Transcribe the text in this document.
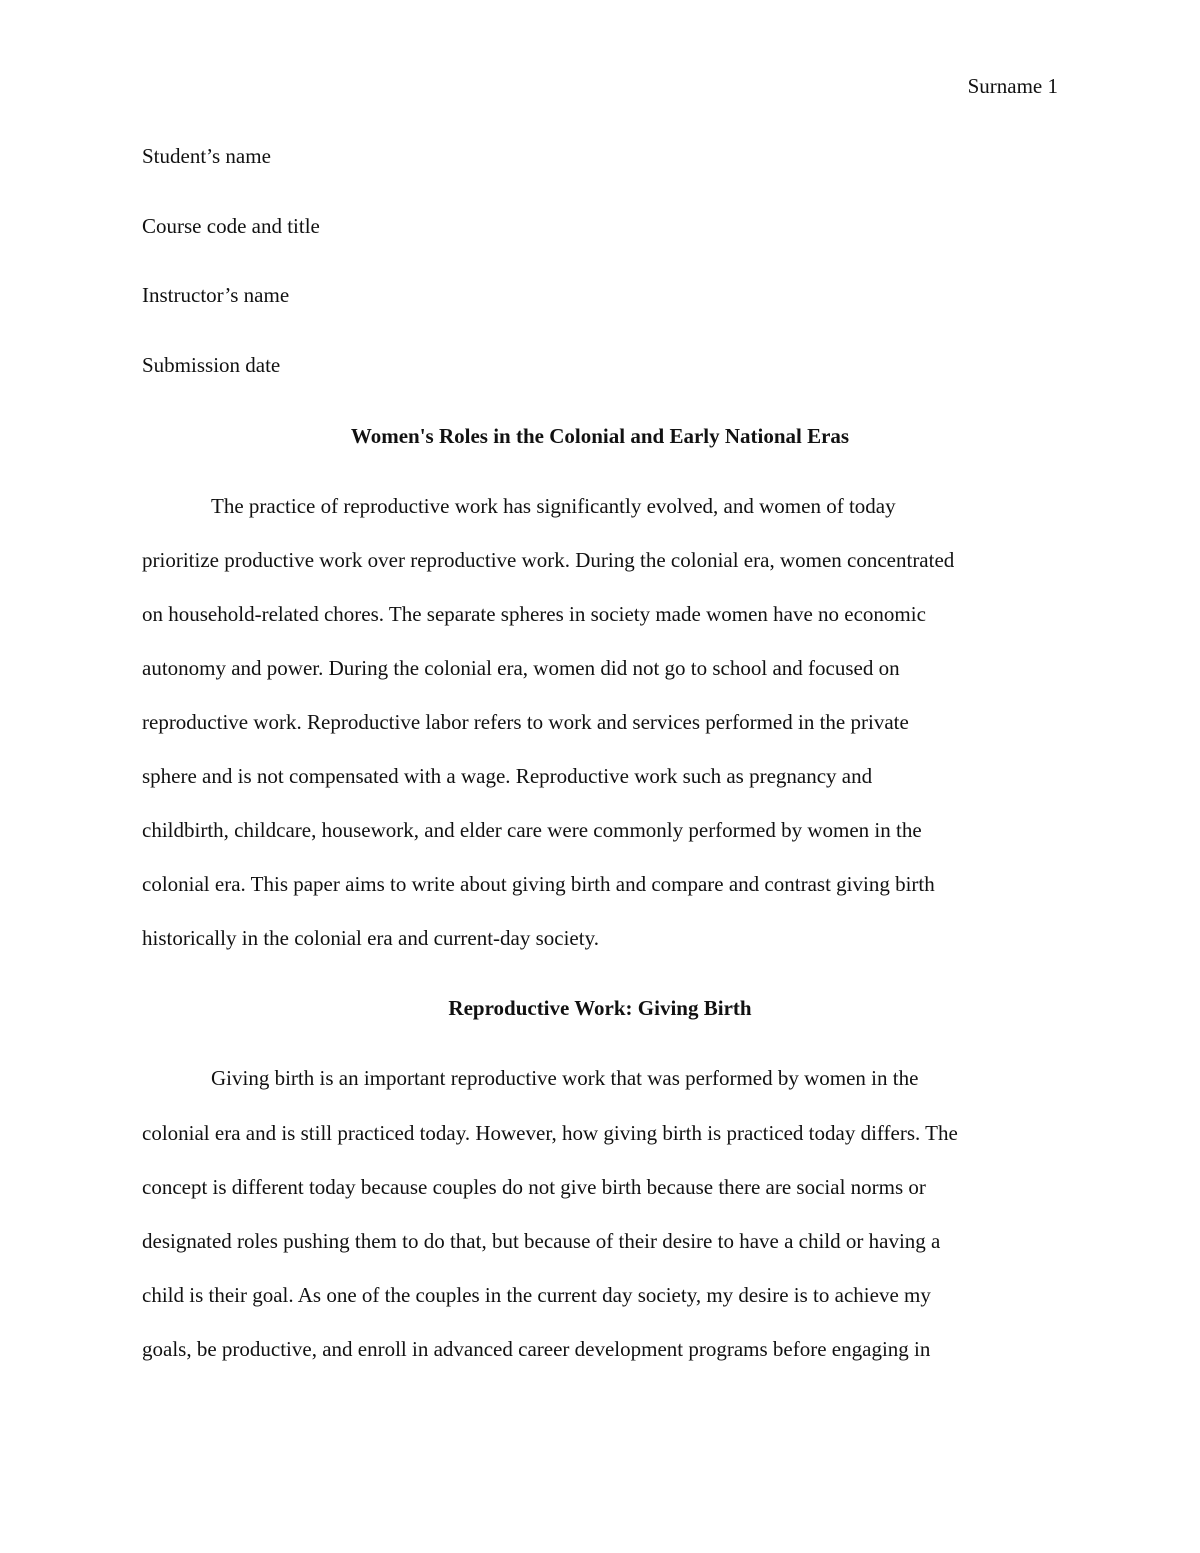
Surname 1
Student’s name
Course code and title
Instructor’s name
Submission date
Women's Roles in the Colonial and Early National Eras
The practice of reproductive work has significantly evolved, and women of today
prioritize productive work over reproductive work. During the colonial era, women concentrated
on household-related chores. The separate spheres in society made women have no economic
autonomy and power. During the colonial era, women did not go to school and focused on
reproductive work. Reproductive labor refers to work and services performed in the private
sphere and is not compensated with a wage. Reproductive work such as pregnancy and
childbirth, childcare, housework, and elder care were commonly performed by women in the
colonial era. This paper aims to write about giving birth and compare and contrast giving birth
historically in the colonial era and current-day society.
Reproductive Work: Giving Birth
Giving birth is an important reproductive work that was performed by women in the
colonial era and is still practiced today. However, how giving birth is practiced today differs. The
concept is different today because couples do not give birth because there are social norms or
designated roles pushing them to do that, but because of their desire to have a child or having a
child is their goal. As one of the couples in the current day society, my desire is to achieve my
goals, be productive, and enroll in advanced career development programs before engaging in
